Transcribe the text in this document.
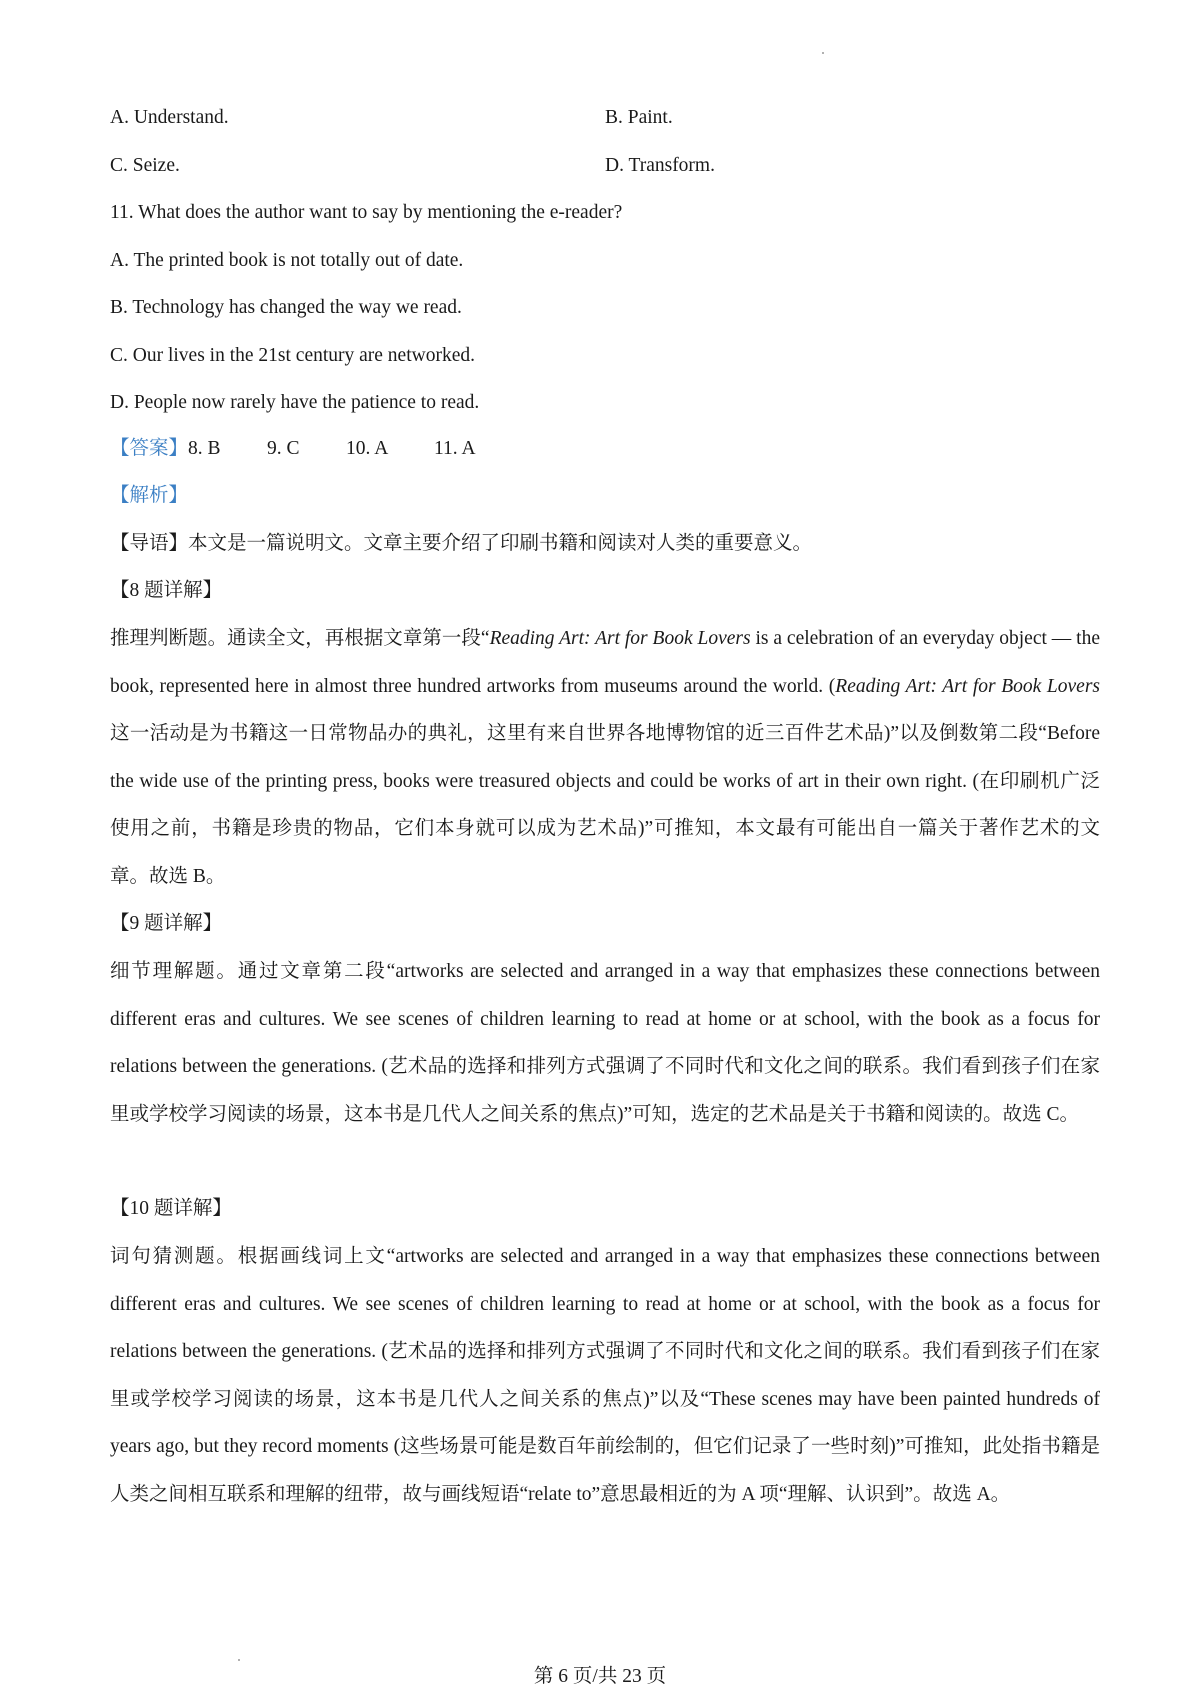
A. Understand.	B. Paint.
C. Seize.	D. Transform.
11. What does the author want to say by mentioning the e-reader?
A. The printed book is not totally out of date.
B. Technology has changed the way we read.
C. Our lives in the 21st century are networked.
D. People now rarely have the patience to read.
【答案】8. B 9. C 10. A 11. A
【解析】
【导语】本文是一篇说明文。文章主要介绍了印刷书籍和阅读对人类的重要意义。
【8 题详解】
推理判断题。通读全文，再根据文章第一段“Reading Art: Art for Book Lovers is a celebration of an everyday object — the book, represented here in almost three hundred artworks from museums around the world. (Reading Art: Art for Book Lovers这一活动是为书籍这一日常物品办的典礼，这里有来自世界各地博物馆的近三百件艺术品)”以及倒数第二段“Before the wide use of the printing press, books were treasured objects and could be works of art in their own right. (在印刷机广泛使用之前，书籍是珍贵的物品，它们本身就可以成为艺术品)”可推知，本文最有可能出自一篇关于著作艺术的文章。故选 B。
【9 题详解】
细节理解题。通过文章第二段“artworks are selected and arranged in a way that emphasizes these connections between different eras and cultures. We see scenes of children learning to read at home or at school, with the book as a focus for relations between the generations. (艺术品的选择和排列方式强调了不同时代和文化之间的联系。我们看到孩子们在家里或学校学习阅读的场景，这本书是几代人之间关系的焦点)”可知，选定的艺术品是关于书籍和阅读的。故选 C。
【10 题详解】
词句猜测题。根据画线词上文“artworks are selected and arranged in a way that emphasizes these connections between different eras and cultures. We see scenes of children learning to read at home or at school, with the book as a focus for relations between the generations. (艺术品的选择和排列方式强调了不同时代和文化之间的联系。我们看到孩子们在家里或学校学习阅读的场景，这本书是几代人之间关系的焦点)”以及“These scenes may have been painted hundreds of years ago, but they record moments (这些场景可能是数百年前绘制的，但它们记录了一些时刻)”可推知，此处指书籍是人类之间相互联系和理解的纽带，故与画线短语“relate to”意思最相近的为 A 项“理解、认识到”。故选 A。
第 6 页/共 23 页
